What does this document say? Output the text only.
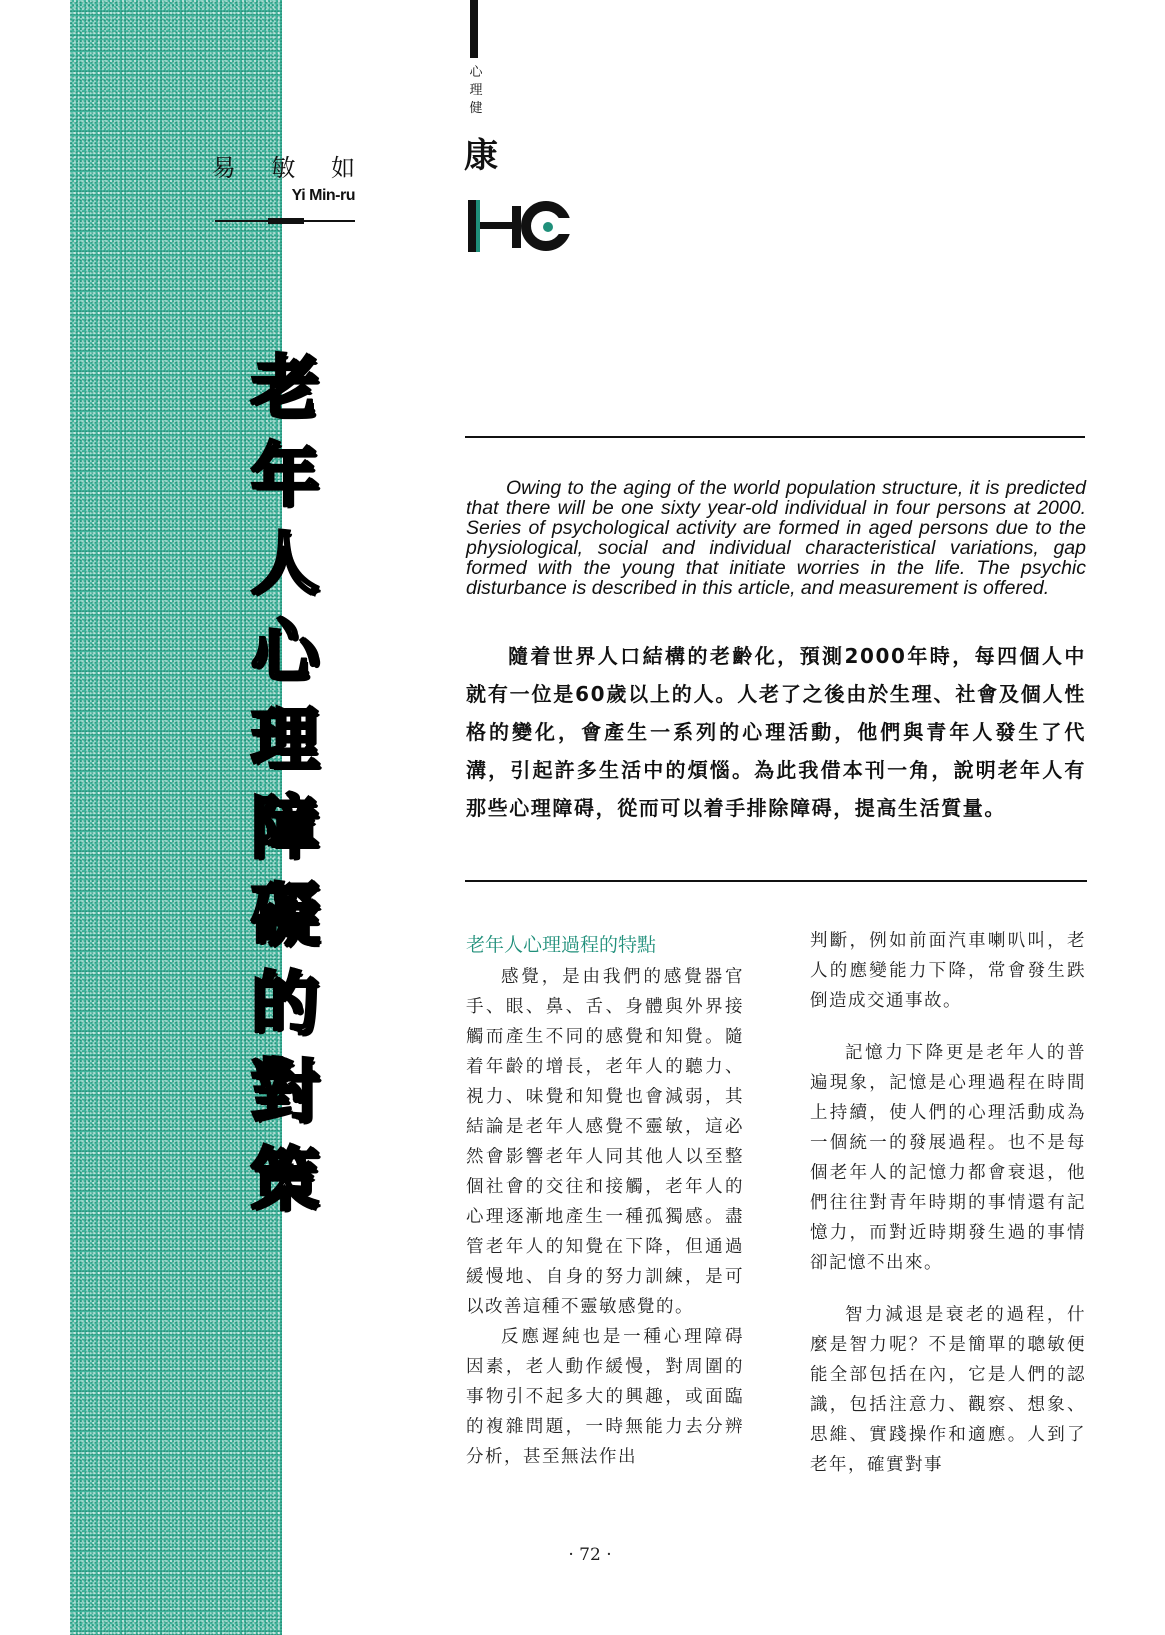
易 敏 如
Yi Min-ru
心理健
康
老年人心理障礙的對策

Owing to the aging of the world population structure, it is predicted that there will be one sixty year-old individual in four persons at 2000. Series of psychological activity are formed in aged persons due to the physiological, social and individual characteristical variations, gap formed with the young that initiate worries in the life. The psychic disturbance is described in this article, and measurement is offered.

隨着世界人口結構的老齡化，預測2000年時，每四個人中就有一位是60歲以上的人。人老了之後由於生理、社會及個人性格的變化，會產生一系列的心理活動，他們與青年人發生了代溝，引起許多生活中的煩惱。為此我借本刊一角，說明老年人有那些心理障碍，從而可以着手排除障碍，提高生活質量。

老年人心理過程的特點

感覺，是由我們的感覺器官手、眼、鼻、舌、身體與外界接觸而產生不同的感覺和知覺。隨着年齡的增長，老年人的聽力、視力、味覺和知覺也會減弱，其結論是老年人感覺不靈敏，這必然會影響老年人同其他人以至整個社會的交往和接觸，老年人的心理逐漸地產生一種孤獨感。盡管老年人的知覺在下降，但通過緩慢地、自身的努力訓練，是可以改善這種不靈敏感覺的。

反應遲純也是一種心理障碍因素，老人動作緩慢，對周圍的事物引不起多大的興趣，或面臨的複雜問題，一時無能力去分辨分析，甚至無法作出

判斷，例如前面汽車喇叭叫，老人的應變能力下降，常會發生跌倒造成交通事故。

記憶力下降更是老年人的普遍現象，記憶是心理過程在時間上持續，使人們的心理活動成為一個統一的發展過程。也不是每個老年人的記憶力都會衰退，他們往往對青年時期的事情還有記憶力，而對近時期發生過的事情卻記憶不出來。

智力減退是衰老的過程，什麼是智力呢？不是簡單的聰敏便能全部包括在內，它是人們的認識，包括注意力、觀察、想象、思維、實踐操作和適應。人到了老年，確實對事

· 72 ·
